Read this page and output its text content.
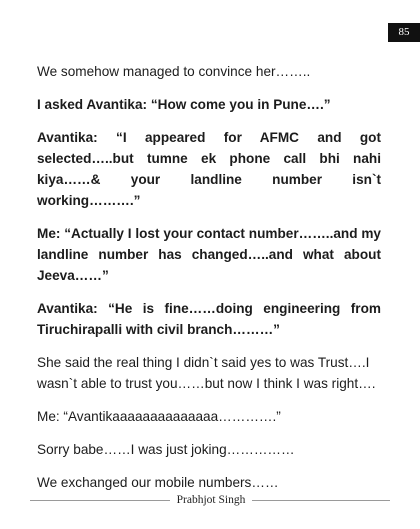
85

We somehow managed to convince her……..

I asked Avantika: “How come you in Pune….”

Avantika: “I appeared for AFMC and got selected…..but tumne ek phone call bhi nahi kiya……& your landline number isn`t working……….”

Me: “Actually I lost your contact number……..and my landline number has changed…..and what about Jeeva……”

Avantika: “He is fine……doing engineering from Tiruchirapalli with civil branch………”

She said the real thing I didn`t said yes to was Trust….I wasn`t able to trust you……but now I think I was right….

Me: “Avantikaaaaaaaaaaaaaa………….”

Sorry babe……I was just joking……………

We exchanged our mobile numbers……

Prabhjot Singh
